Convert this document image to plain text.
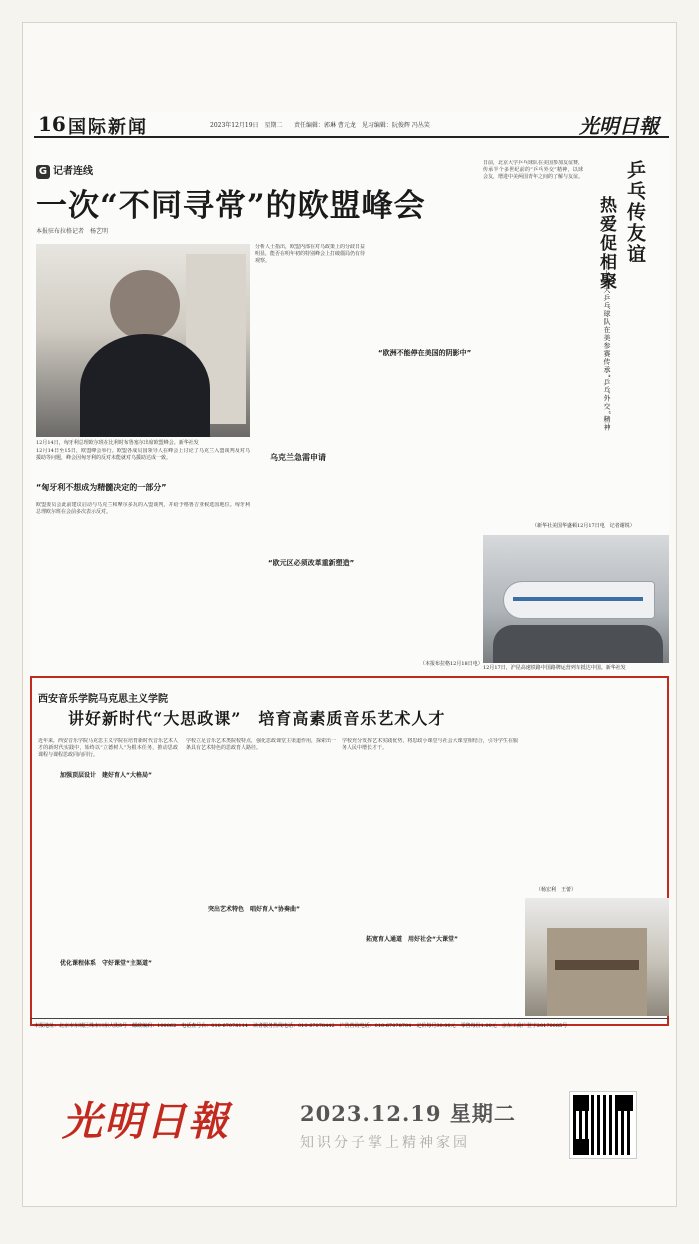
16 国际新闻	2023年12月19日　星期二 责任编辑：郭琳 曹元龙　见习编辑：阮俊辉 冯丛笑	光明日報
G 记者连线
一次“不同寻常”的欧盟峰会
本报驻布拉格记者　杨艺明
12月14日，匈牙利总理欧尔班在比利时布鲁塞尔出席欧盟峰会。新华社发
“匈牙利不想成为精髓决定的一部分”
12月14日至15日，欧盟峰会举行。欧盟各成员国领导人在峰会上讨论了乌克兰入盟谈判及对乌援助等问题，峰会因匈牙利的反对未能就对乌援助达成一致。
欧盟委员会此前建议启动与乌克兰和摩尔多瓦的入盟谈判，并给予格鲁吉亚候选国地位。匈牙利总理欧尔班在会前多次表示反对。
分析人士指出，欧盟内部在对乌政策上的分歧日益明显，能否在明年初的特别峰会上打破僵局仍有待观察。
乌克兰急需申请
“欧元区必须改革重新塑造”
“欧洲不能停在美国的阴影中”
（本报布拉格12月18日电）
日前，北京大学乒乓球队在美国参加友谊赛，传承半个多世纪前的“乒乓外交”精神，以球会友，增进中美两国青年之间的了解与友谊。 乒乓传友谊
热爱促相聚
——北大乒乓球队在美参赛传承“乒乓外交”精神
（新华社美国华盛顿12月17日电　记者谢锐）
12月17日，沪昆高速铁路中国路牌运营列车抵达中国。新华社发
西安音乐学院马克思主义学院
讲好新时代“大思政课”　培育高素质音乐艺术人才
近年来，西安音乐学院马克思主义学院在培育新时代音乐艺术人才的新时代实践中，始终以“立德树人”为根本任务，推动思政课程与课程思政同向同行。
加强顶层设计　建好育人“大格局”
优化课程体系　守好课堂“主渠道”
学校立足音乐艺术类院校特点，强化思政课堂主渠道作用，探索出一条具有艺术特色的思政育人路径。
突出艺术特色　唱好育人“协奏曲”
学校充分发挥艺术实践优势，将思政小课堂与社会大课堂相结合，引导学生在服务人民中增长才干。
拓宽育人通道　用好社会“大课堂”
（杨宏利　王蕾）
本报地址：北京市东城区珠市口东大街5号　邮政编码：100062　电话查号台：010-67078114　读者服务热线电话：010-67078442　广告咨询电话：010-67078794　定价每月30.00元　零售每份1.00元　京东工商广登字20170085号
光明日報	2023.12.19 星期二
知识分子掌上精神家园
